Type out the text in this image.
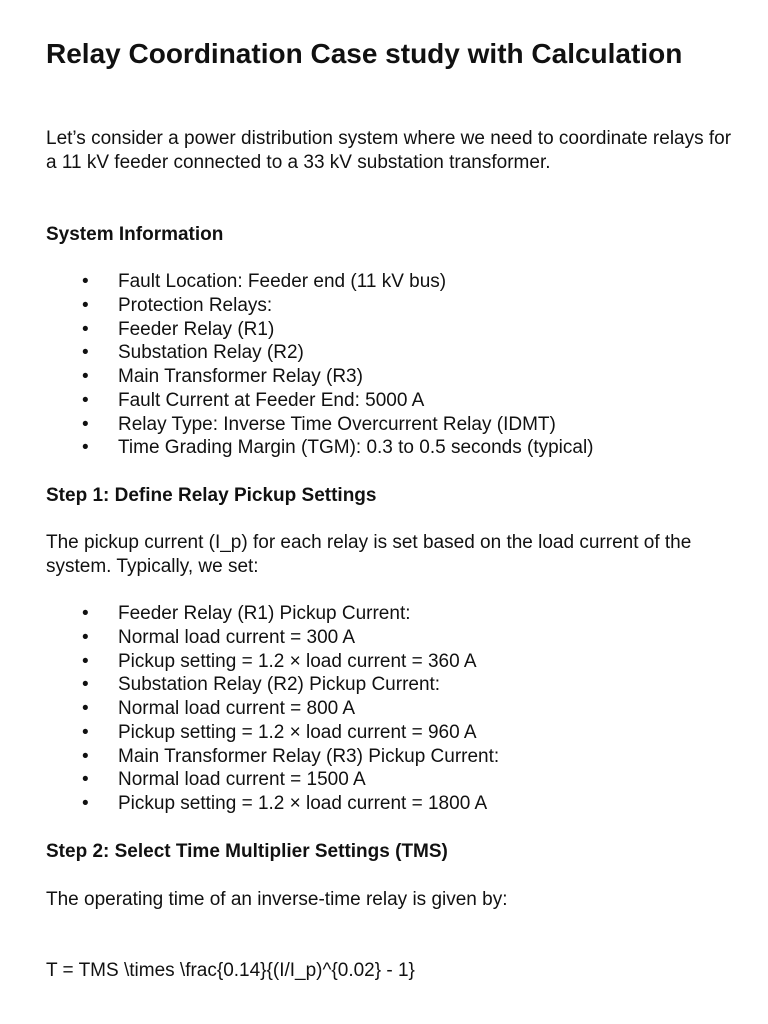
Relay Coordination Case study with Calculation

Let’s consider a power distribution system where we need to coordinate relays for a 11 kV feeder connected to a 33 kV substation transformer.

System Information
• Fault Location: Feeder end (11 kV bus)
• Protection Relays:
• Feeder Relay (R1)
• Substation Relay (R2)
• Main Transformer Relay (R3)
• Fault Current at Feeder End: 5000 A
• Relay Type: Inverse Time Overcurrent Relay (IDMT)
• Time Grading Margin (TGM): 0.3 to 0.5 seconds (typical)
Step 1: Define Relay Pickup Settings

The pickup current (I_p) for each relay is set based on the load current of the system. Typically, we set:

• Feeder Relay (R1) Pickup Current:
• Normal load current = 300 A
• Pickup setting = 1.2 × load current = 360 A
• Substation Relay (R2) Pickup Current:
• Normal load current = 800 A
• Pickup setting = 1.2 × load current = 960 A
• Main Transformer Relay (R3) Pickup Current:
• Normal load current = 1500 A
• Pickup setting = 1.2 × load current = 1800 A
Step 2: Select Time Multiplier Settings (TMS)

The operating time of an inverse-time relay is given by:

T = TMS \times \frac{0.14}{(I/I_p)^{0.02} - 1}
